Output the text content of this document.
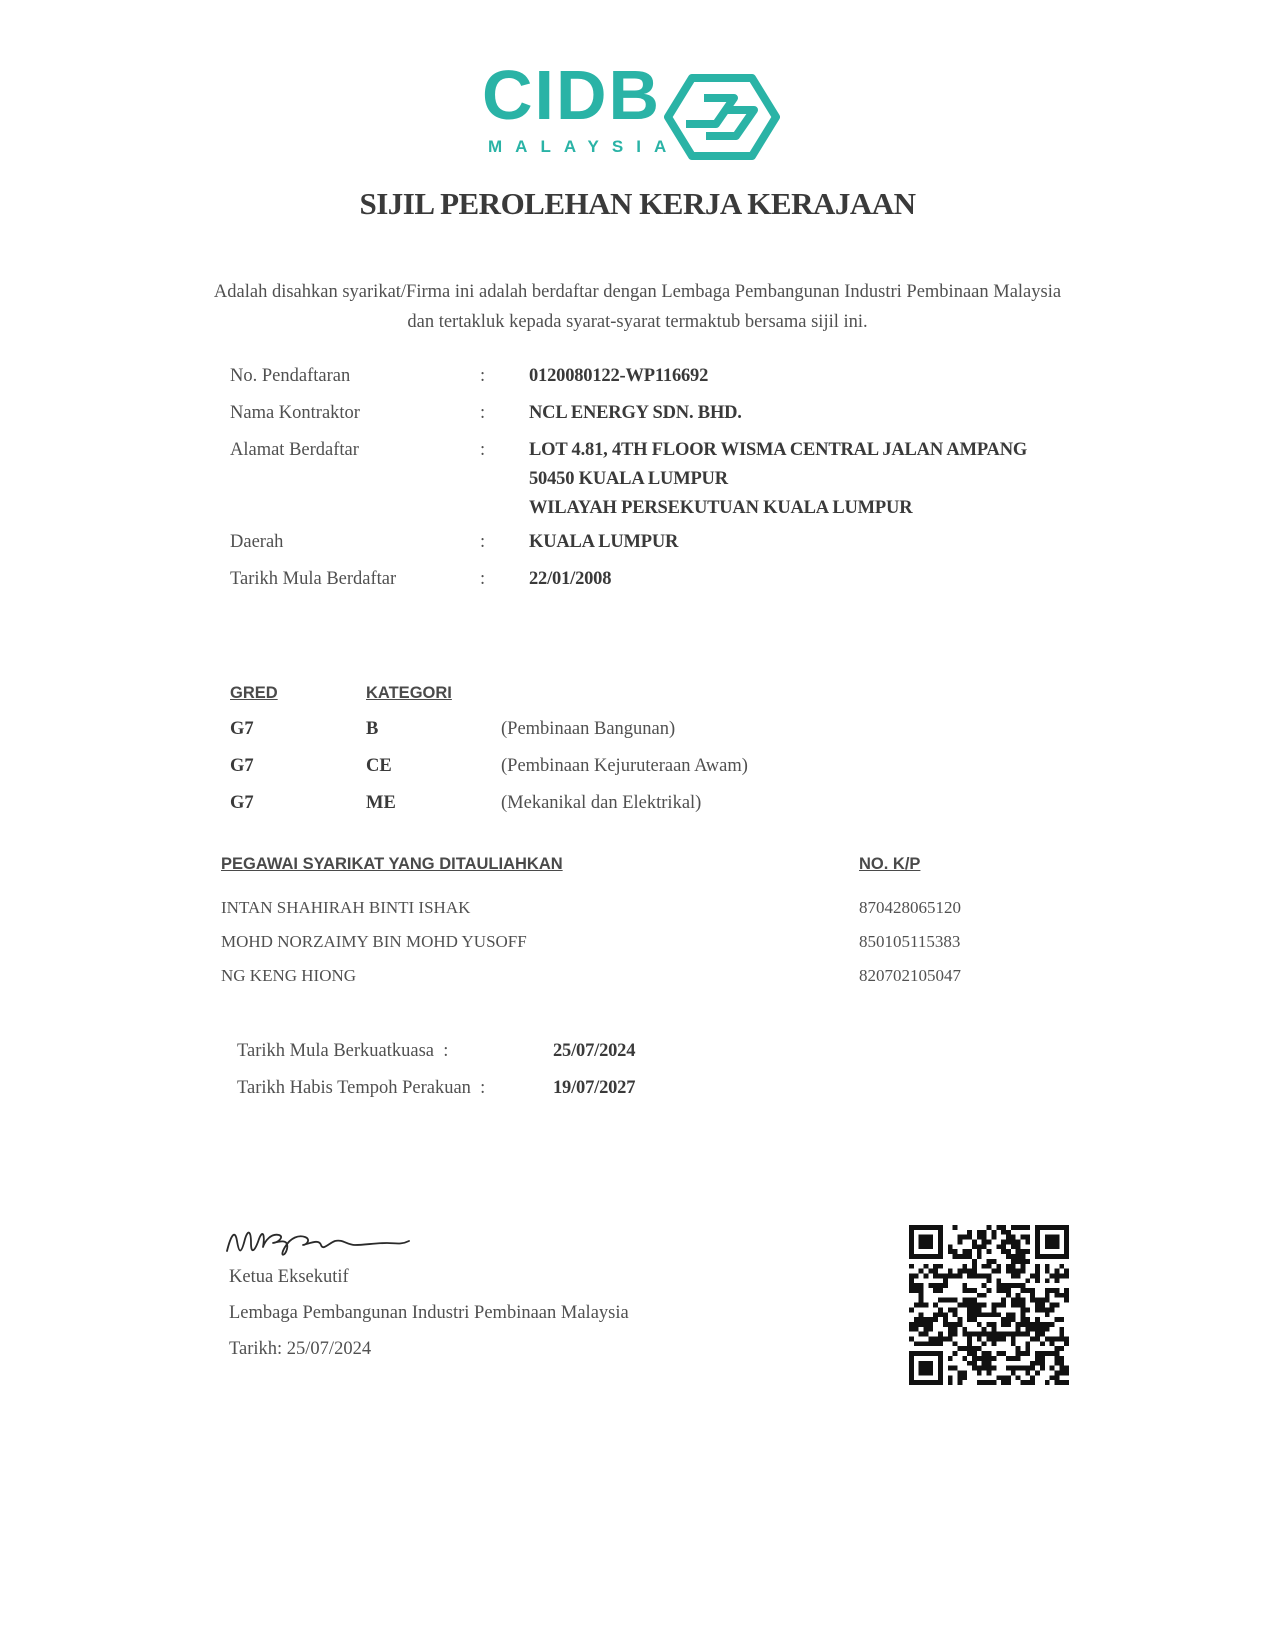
CIDB
MALAYSIA
SIJIL PEROLEHAN KERJA KERAJAAN
Adalah disahkan syarikat/Firma ini adalah berdaftar dengan Lembaga Pembangunan Industri Pembinaan Malaysia dan tertakluk kepada syarat-syarat termaktub bersama sijil ini.
No. Pendaftaran	: 0120080122-WP116692
Nama Kontraktor	: NCL ENERGY SDN. BHD.
Alamat Berdaftar	: LOT 4.81, 4TH FLOOR WISMA CENTRAL JALAN AMPANG
50450 KUALA LUMPUR
WILAYAH PERSEKUTUAN KUALA LUMPUR
Daerah	: KUALA LUMPUR
Tarikh Mula Berdaftar	: 22/01/2008
GRED	KATEGORI
G7	B	(Pembinaan Bangunan)
G7	CE	(Pembinaan Kejuruteraan Awam)
G7	ME	(Mekanikal dan Elektrikal)
PEGAWAI SYARIKAT YANG DITAULIAHKAN	NO. K/P
INTAN SHAHIRAH BINTI ISHAK	870428065120
MOHD NORZAIMY BIN MOHD YUSOFF	850105115383
NG KENG HIONG	820702105047
Tarikh Mula Berkuatkuasa  :	25/07/2024
Tarikh Habis Tempoh Perakuan  :	19/07/2027
Ketua Eksekutif
Lembaga Pembangunan Industri Pembinaan Malaysia
Tarikh: 25/07/2024
